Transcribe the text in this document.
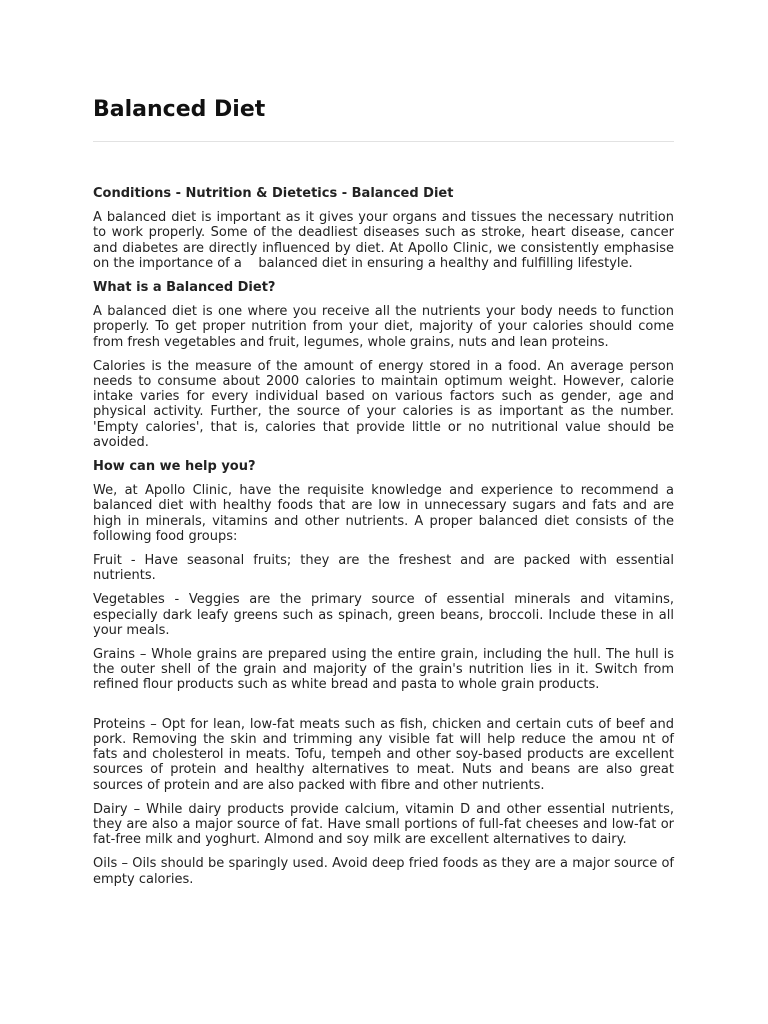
Balanced Diet

Conditions - Nutrition & Dietetics - Balanced Diet

A balanced diet is important as it gives your organs and tissues the necessary nutrition to work properly. Some of the deadliest diseases such as stroke, heart disease, cancer and diabetes are directly influenced by diet. At Apollo Clinic, we consistently emphasise on the importance of a    balanced diet in ensuring a healthy and fulfilling lifestyle.

What is a Balanced Diet?

A balanced diet is one where you receive all the nutrients your body needs to function properly. To get proper nutrition from your diet, majority of your calories should come from fresh vegetables and fruit, legumes, whole grains, nuts and lean proteins.

Calories is the measure of the amount of energy stored in a food. An average person needs to consume about 2000 calories to maintain optimum weight. However, calorie intake varies for every individual based on various factors such as gender, age and physical activity. Further, the source of your calories is as important as the number. 'Empty calories', that is, calories that provide little or no nutritional value should be avoided.

How can we help you?

We, at Apollo Clinic, have the requisite knowledge and experience to recommend a balanced diet with healthy foods that are low in unnecessary sugars and fats and are high in minerals, vitamins and other nutrients. A proper balanced diet consists of the following food groups:

Fruit - Have seasonal fruits; they are the freshest and are packed with essential nutrients.

Vegetables - Veggies are the primary source of essential minerals and vitamins, especially dark leafy greens such as spinach, green beans, broccoli. Include these in all your meals.

Grains – Whole grains are prepared using the entire grain, including the hull. The hull is the outer shell of the grain and majority of the grain's nutrition lies in it. Switch from refined flour products such as white bread and pasta to whole grain products.

Proteins – Opt for lean, low-fat meats such as fish, chicken and certain cuts of beef and pork. Removing the skin and trimming any visible fat will help reduce the amou nt of fats and cholesterol in meats. Tofu, tempeh and other soy-based products are excellent sources of protein and healthy alternatives to meat. Nuts and beans are also great sources of protein and are also packed with fibre and other nutrients.

Dairy – While dairy products provide calcium, vitamin D and other essential nutrients, they are also a major source of fat. Have small portions of full-fat cheeses and low-fat or fat-free milk and yoghurt. Almond and soy milk are excellent alternatives to dairy.

Oils – Oils should be sparingly used. Avoid deep fried foods as they are a major source of empty calories.
